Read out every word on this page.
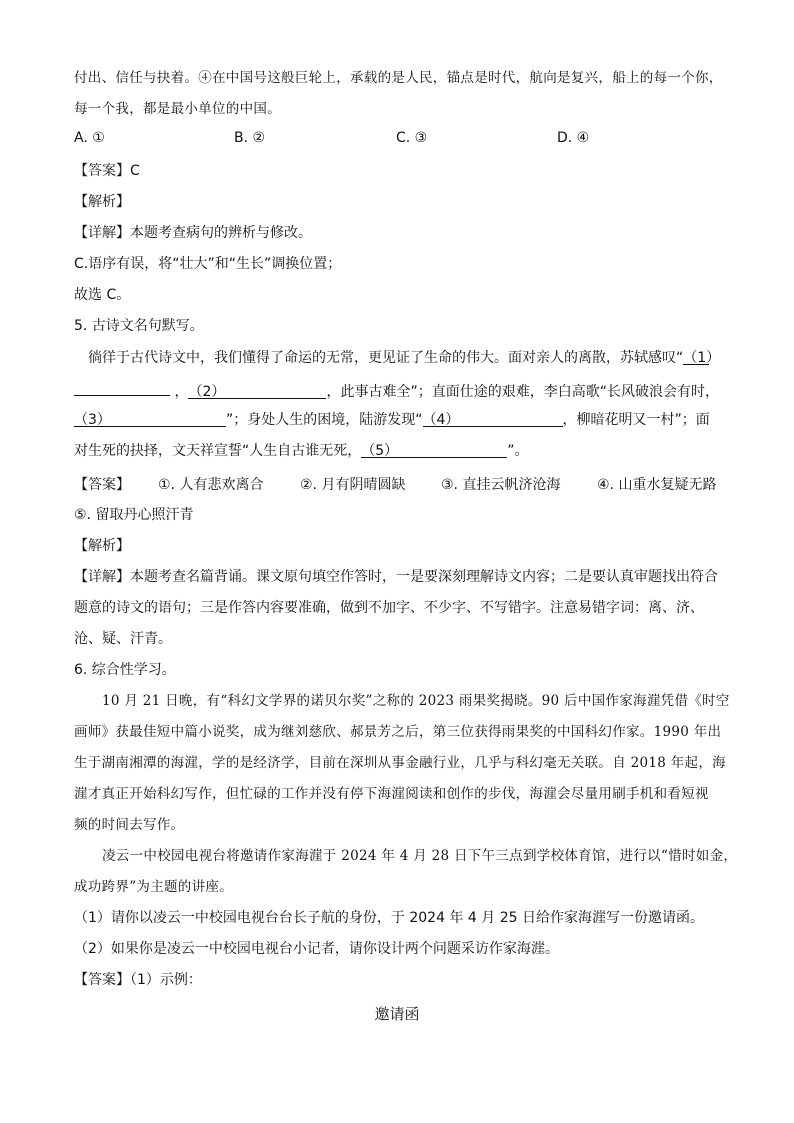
付出、信任与抉着。④在中国号这般巨轮上，承载的是人民，锚点是时代，航向是复兴，船上的每一个你，
每一个我，都是最小单位的中国。
A. ①	B. ②	C. ③	D. ④
【答案】C
【解析】
【详解】本题考查病句的辨析与修改。
C.语序有误，将“壮大”和“生长”调换位置；
故选 C。
5. 古诗文名句默写。
徜徉于古代诗文中，我们懂得了命运的无常，更见证了生命的伟大。面对亲人的离散，苏轼感叹“（1）
，（2）	，此事古难全”；直面仕途的艰难，李白高歌“长风破浪会有时，
（3）	”；身处人生的困境，陆游发现“（4）	，柳暗花明又一村”；面
对生死的抉择，文天祥宣誓“人生自古谁无死，（5）	”。
【答案】 ①. 人有悲欢离合	②. 月有阴晴圆缺	③. 直挂云帆济沧海	④. 山重水复疑无路
⑤. 留取丹心照汗青
【解析】
【详解】本题考查名篇背诵。课文原句填空作答时，一是要深刻理解诗文内容；二是要认真审题找出符合
题意的诗文的语句；三是作答内容要准确，做到不加字、不少字、不写错字。注意易错字词：离、济、
沧、疑、汗青。
6. 综合性学习。
10 月 21 日晚，有“科幻文学界的诺贝尔奖”之称的 2023 雨果奖揭晓。90 后中国作家海漄凭借《时空
画师》获最佳短中篇小说奖，成为继刘慈欣、郝景芳之后，第三位获得雨果奖的中国科幻作家。1990 年出
生于湖南湘潭的海漄，学的是经济学，目前在深圳从事金融行业，几乎与科幻毫无关联。自 2018 年起，海
漄才真正开始科幻写作，但忙碌的工作并没有停下海漄阅读和创作的步伐，海漄会尽量用刷手机和看短视
频的时间去写作。
凌云一中校园电视台将邀请作家海漄于 2024 年 4 月 28 日下午三点到学校体育馆，进行以“惜时如金，
成功跨界”为主题的讲座。
（1）请你以凌云一中校园电视台台长子航的身份，于 2024 年 4 月 25 日给作家海漄写一份邀请函。
（2）如果你是凌云一中校园电视台小记者，请你设计两个问题采访作家海漄。
【答案】（1）示例：
邀请函
